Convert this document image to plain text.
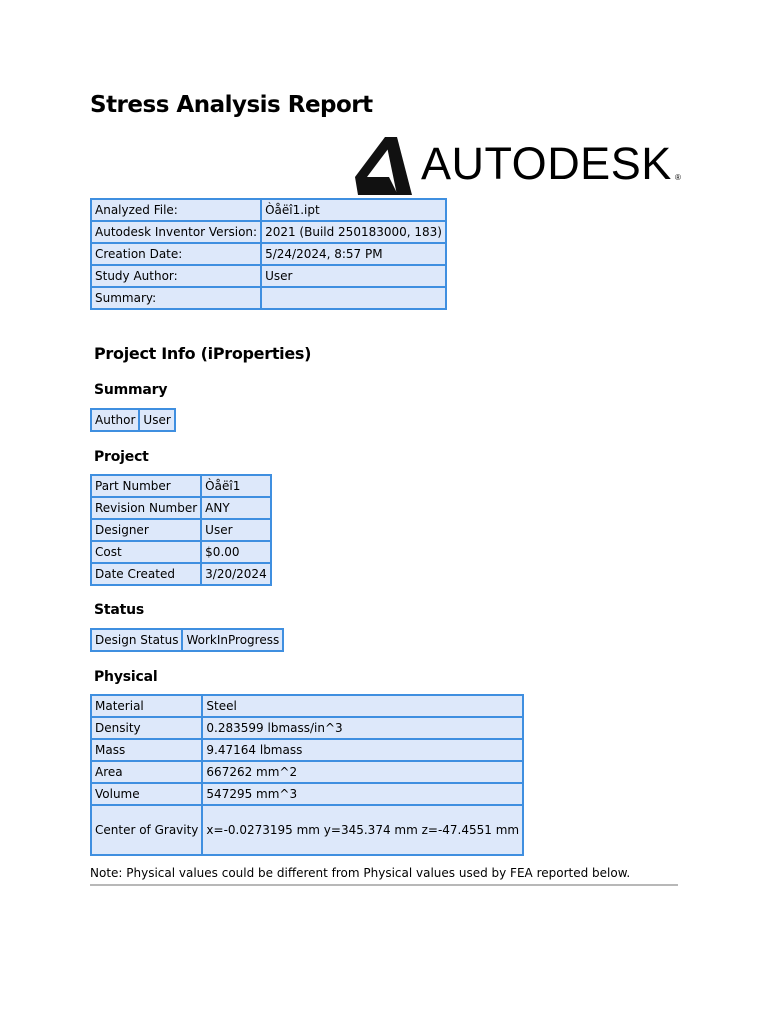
Stress Analysis Report
AUTODESK ®
Analyzed File:	Òåëî1.ipt
Autodesk Inventor Version:	2021 (Build 250183000, 183)
Creation Date:	5/24/2024, 8:57 PM
Study Author:	User
Summary:	
Project Info (iProperties)
Summary
Author	User
Project
Part Number	Òåëî1
Revision Number	ANY
Designer	User
Cost	$0.00
Date Created	3/20/2024
Status
Design Status	WorkInProgress
Physical
Material	Steel
Density	0.283599 lbmass/in^3
Mass	9.47164 lbmass
Area	667262 mm^2
Volume	547295 mm^3
Center of Gravity	x=-0.0273195 mm y=345.374 mm z=-47.4551 mm
Note: Physical values could be different from Physical values used by FEA reported below.
